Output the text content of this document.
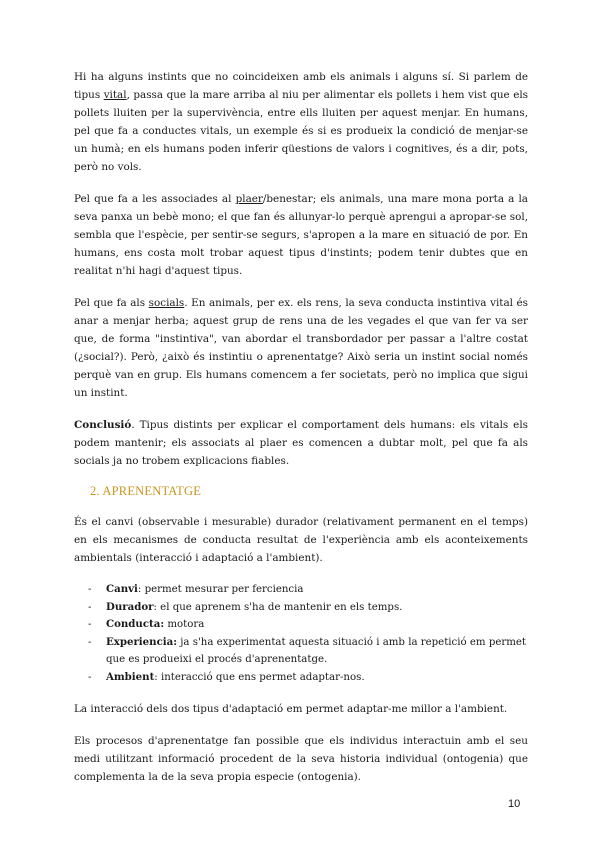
Hi ha alguns instints que no coincideixen amb els animals i alguns sí. Si parlem de tipus vital, passa que la mare arriba al niu per alimentar els pollets i hem vist que els pollets lluiten per la supervivència, entre ells lluiten per aquest menjar. En humans, pel que fa a conductes vitals, un exemple és si es produeix la condició de menjar-se un humà; en els humans poden inferir qüestions de valors i cognitives, és a dir, pots, però no vols.

Pel que fa a les associades al plaer/benestar; els animals, una mare mona porta a la seva panxa un bebè mono; el que fan és allunyar-lo perquè aprengui a apropar-se sol, sembla que l'espècie, per sentir-se segurs, s'apropen a la mare en situació de por. En humans, ens costa molt trobar aquest tipus d'instints; podem tenir dubtes que en realitat n'hi hagi d'aquest tipus.

Pel que fa als socials. En animals, per ex. els rens, la seva conducta instintiva vital és anar a menjar herba; aquest grup de rens una de les vegades el que van fer va ser que, de forma "instintiva", van abordar el transbordador per passar a l'altre costat (¿social?). Però, ¿això és instintiu o aprenentatge? Això seria un instint social només perquè van en grup. Els humans comencem a fer societats, però no implica que sigui un instint.

Conclusió. Tipus distints per explicar el comportament dels humans: els vitals els podem mantenir; els associats al plaer es comencen a dubtar molt, pel que fa als socials ja no trobem explicacions fiables.

2. APRENENTATGE

És el canvi (observable i mesurable) durador (relativament permanent en el temps) en els mecanismes de conducta resultat de l'experiència amb els aconteixements ambientals (interacció i adaptació a l'ambient).

- Canvi: permet mesurar per ferciencia
- Durador: el que aprenem s'ha de mantenir en els temps.
- Conducta: motora
- Experiencia: ja s'ha experimentat aquesta situació i amb la repetició em permet que es produeixi el procés d'aprenentatge.
- Ambient: interacció que ens permet adaptar-nos.

La interacció dels dos tipus d'adaptació em permet adaptar-me millor a l'ambient.

Els procesos d'aprenentatge fan possible que els individus interactuin amb el seu medi utilitzant informació procedent de la seva historia individual (ontogenia) que complementa la de la seva propia especie (ontogenia).

10
